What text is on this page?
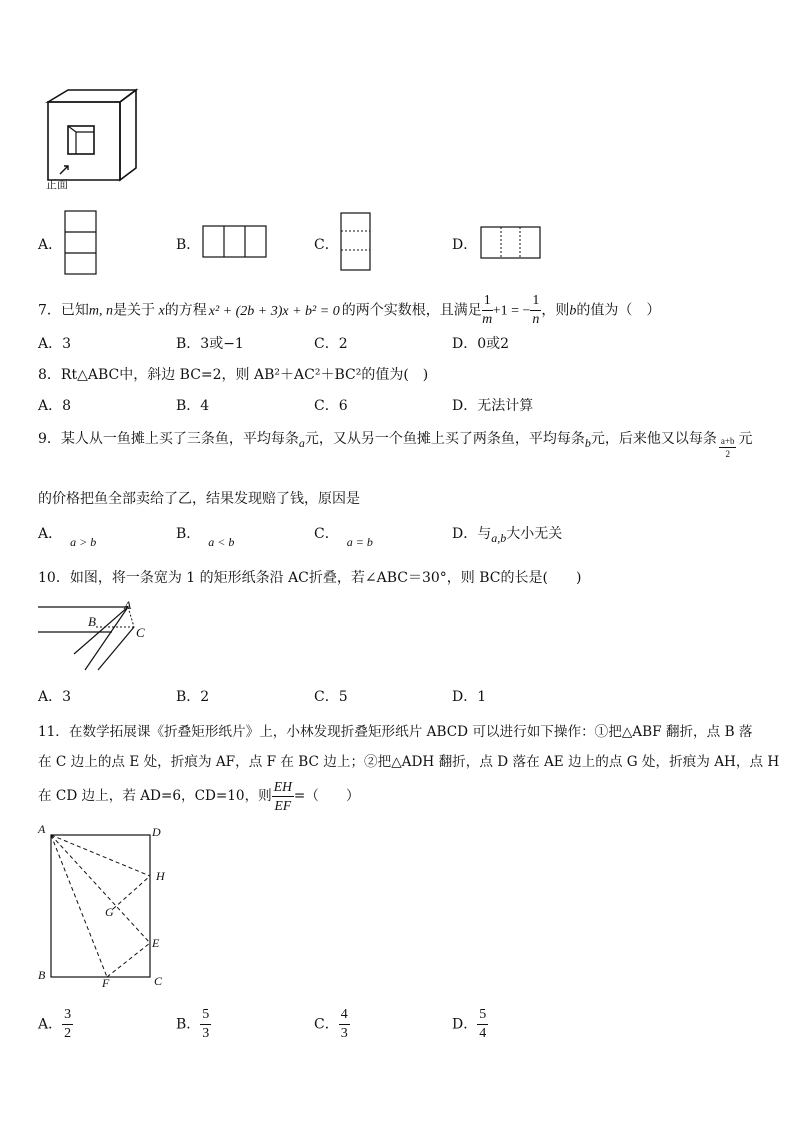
正面
A．	B．	C．	D．
7．已知m, n是关于 x的方程 x² + (2b + 3)x + b² = 0 的两个实数根，且满足 $\frac{1}{m} +1$ = − $\frac{1}{n}$ ，则b的值为（　）
A．3	B．3或−1	C．2	D．0或2
8．Rt△ABC中，斜边 BC=2，则 AB²＋AC²＋BC²的值为(　)
A．8	B．4	C．6	D．无法计算
9．某人从一鱼摊上买了三条鱼，平均每条a元，又从另一个鱼摊上买了两条鱼，平均每条b元，后来他又以每条 $\frac{a+b}{2}$ 元
的价格把鱼全部卖给了乙，结果发现赔了钱，原因是
A． a > b	B． a < b	C． a = b	D．与a,b大小无关
10．如图，将一条宽为 1 的矩形纸条沿 AC折叠，若∠ABC＝30°，则 BC的长是(　　)
A
B
C
A．3	B．2	C．5	D．1
11．在数学拓展课《折叠矩形纸片》上，小林发现折叠矩形纸片 ABCD 可以进行如下操作：①把△ABF 翻折，点 B 落
在 C 边上的点 E 处，折痕为 AF，点 F 在 BC 边上；②把△ADH 翻折，点 D 落在 AE 边上的点 G 处，折痕为 AH，点 H
在 CD 边上，若 AD=6，CD=10，则 $\frac{EH}{EF}$ =（　　）
A	D
H
G
E
B
F	C
A． $\frac{3}{2}$	B． $\frac{5}{3}$	C． $\frac{4}{3}$	D． $\frac{5}{4}$
